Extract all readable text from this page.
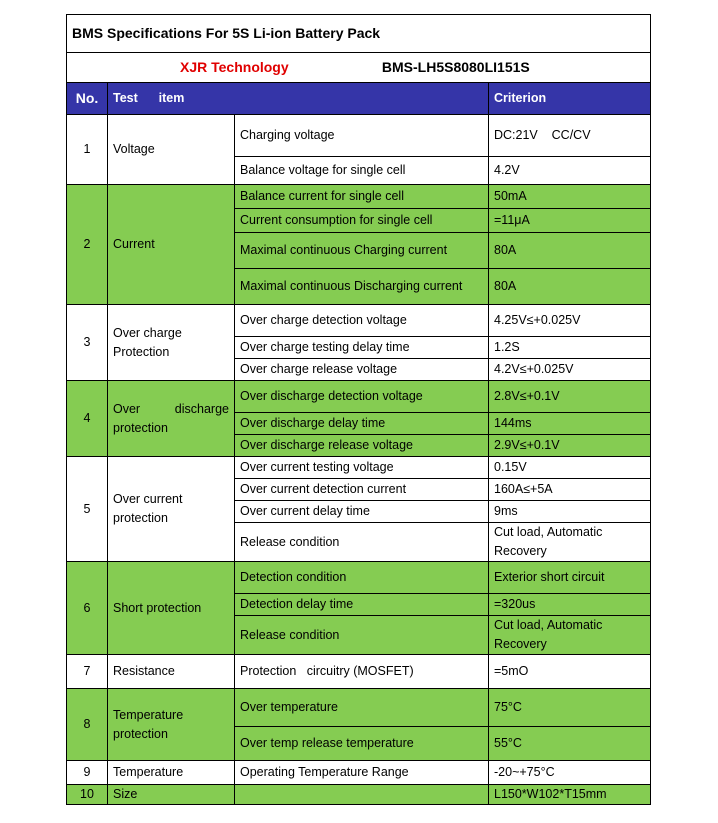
BMS Specifications For 5S Li-ion Battery Pack			
XJR Technology BMS-LH5S8080LI151S			
No.	Test      item		Criterion
1	Voltage	Charging voltage	DC:21V    CC/CV
		Balance voltage for single cell	4.2V
2	Current	Balance current for single cell	50mA
		Current consumption for single cell	=11μA
		Maximal continuous Charging current	80A
		Maximal continuous Discharging current	80A
3	Over charge Protection	Over charge detection voltage	4.25V≤+0.025V
		Over charge testing delay time	1.2S
		Over charge release voltage	4.2V≤+0.025V
4	Over discharge protection	Over discharge detection voltage	2.8V≤+0.1V
		Over discharge delay time	144ms
		Over discharge release voltage	2.9V≤+0.1V
5	Over current protection	Over current testing voltage	0.15V
		Over current detection current	160A≤+5A
		Over current delay time	9ms
		Release condition	Cut load, Automatic Recovery
6	Short protection	Detection condition	Exterior short circuit
		Detection delay time	=320us
		Release condition	Cut load, Automatic Recovery
7	Resistance	Protection   circuitry (MOSFET)	=5mO
8	Temperature protection	Over temperature	75°C
		Over temp release temperature	55°C
9	Temperature	Operating Temperature Range	-20~+75°C
10	Size		L150*W102*T15mm
